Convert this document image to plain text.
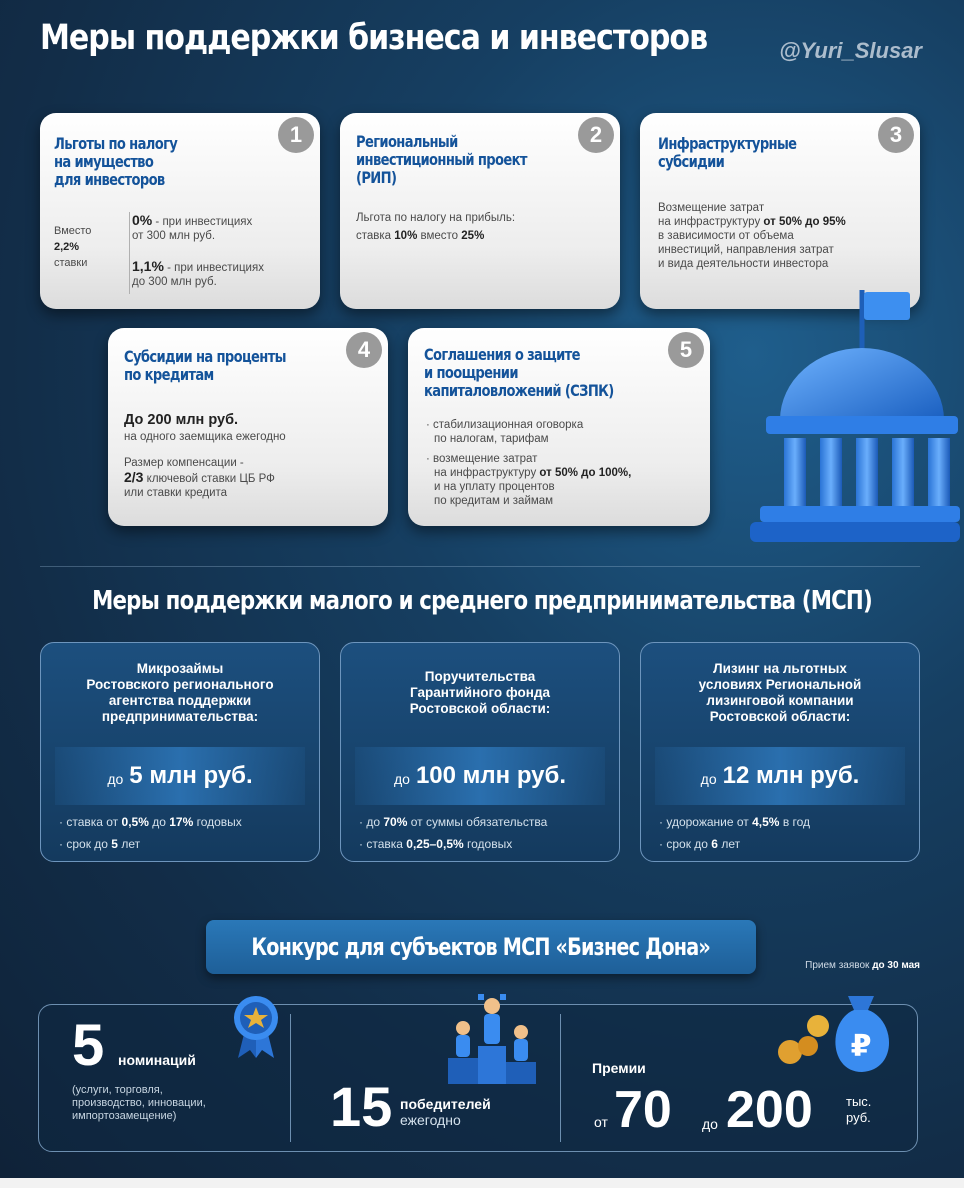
Меры поддержки бизнеса и инвесторов	@Yuri_Slusar
1
Льготы по налогу
на имущество
для инвесторов
Вместо
2,2%
ставки
0% - при инвестициях
от 300 млн руб.
1,1% - при инвестициях
до 300 млн руб.
2
Региональный
инвестиционный проект
(РИП)
Льгота по налогу на прибыль:
ставка 10% вместо 25%
3
Инфраструктурные
субсидии
Возмещение затрат
на инфраструктуру от 50% до 95%
в зависимости от объема
инвестиций, направления затрат
и вида деятельности инвестора
4
Субсидии на проценты
по кредитам
До 200 млн руб.
на одного заемщика ежегодно
Размер компенсации -
2/3 ключевой ставки ЦБ РФ
или ставки кредита
5
Соглашения о защите
и поощрении
капиталовложений (СЗПК)
· стабилизационная оговорка
по налогам, тарифам
· возмещение затрат
на инфраструктуру от 50% до 100%,
и на уплату процентов
по кредитам и займам
Меры поддержки малого и среднего предпринимательства (МСП)
Микрозаймы
Ростовского регионального
агентства поддержки
предпринимательства:
до 5 млн руб.
· ставка от 0,5% до 17% годовых
· срок до 5 лет
Поручительства
Гарантийного фонда
Ростовской области:
до 100 млн руб.
· до 70% от суммы обязательства
· ставка 0,25–0,5% годовых
Лизинг на льготных
условиях Региональной
лизинговой компании
Ростовской области:
до 12 млн руб.
· удорожание от 4,5% в год
· срок до 6 лет
Конкурс для субъектов МСП «Бизнес Дона»
Прием заявок до 30 мая
5 номинаций
(услуги, торговля,
производство, инновации,
импортозамещение)	15 победителей
ежегодно
₽
Премии
от 70 до 200	тыс.
руб.
